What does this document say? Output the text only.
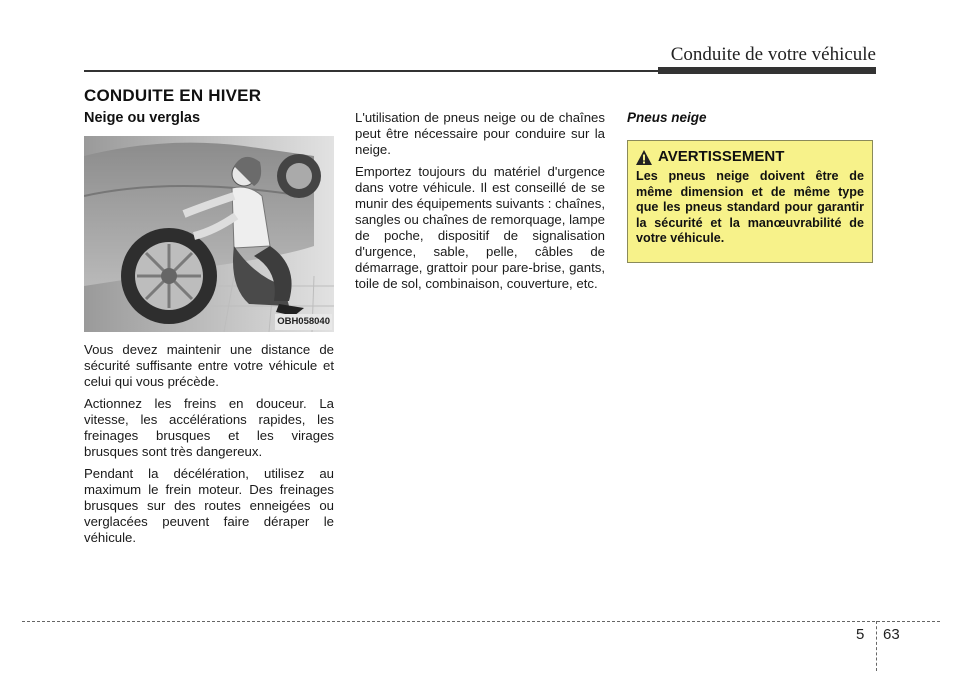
Conduite de votre véhicule
CONDUITE EN HIVER
Neige ou verglas
OBH058040

Vous devez maintenir une distance de sécurité suffisante entre votre véhicule et celui qui vous précède.

Actionnez les freins en douceur. La vitesse, les accélérations rapides, les freinages brusques et les virages brusques sont très dangereux.

Pendant la décélération, utilisez au maximum le frein moteur. Des freinages brusques sur des routes enneigées ou verglacées peuvent faire déraper le véhicule.

L'utilisation de pneus neige ou de chaînes peut être nécessaire pour conduire sur la neige.

Emportez toujours du matériel d'urgence dans votre véhicule. Il est conseillé de se munir des équipements suivants : chaînes, sangles ou chaînes de remorquage, lampe de poche, dispositif de signalisation d'urgence, sable, pelle, câbles de démarrage, grattoir pour pare-brise, gants, toile de sol, combinaison, couverture, etc.

Pneus neige
AVERTISSEMENT

Les pneus neige doivent être de même dimension et de même type que les pneus standard pour garantir la sécurité et la manœuvrabilité de votre véhicule.

5 63
